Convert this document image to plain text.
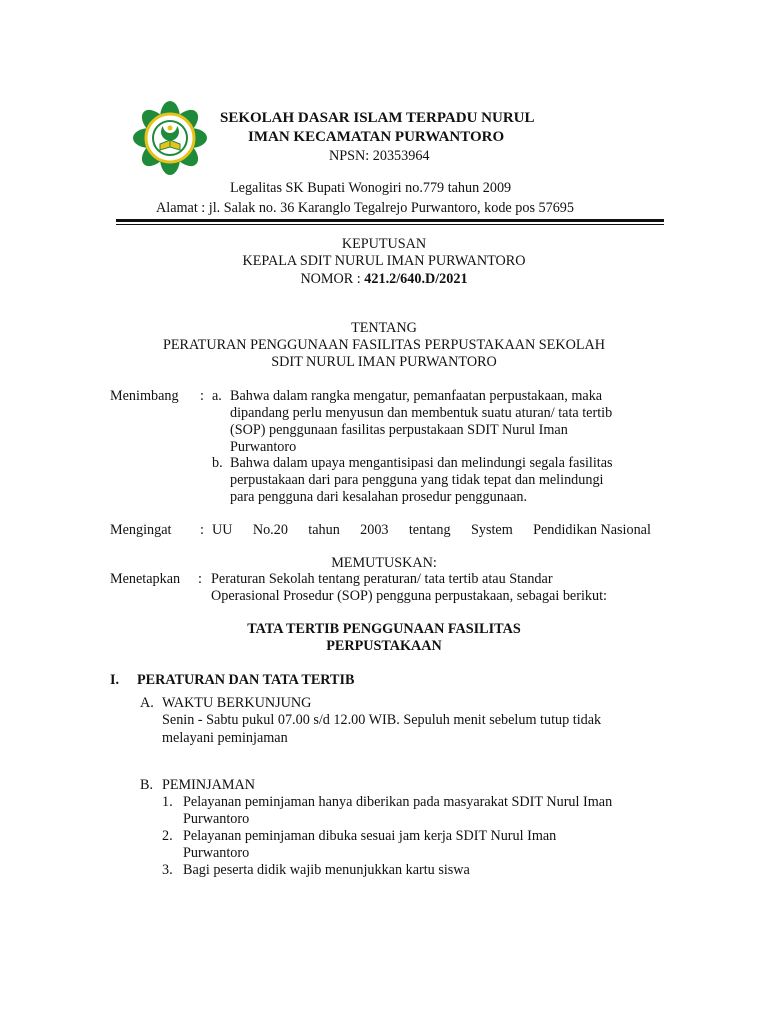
SEKOLAH DASAR ISLAM TERPADU NURUL
IMAN KECAMATAN PURWANTORO
NPSN: 20353964
Legalitas SK Bupati Wonogiri no.779 tahun 2009
Alamat : jl. Salak no. 36 Karanglo Tegalrejo Purwantoro, kode pos 57695
KEPUTUSAN
KEPALA SDIT NURUL IMAN PURWANTORO
NOMOR : 421.2/640.D/2021
TENTANG
PERATURAN PENGGUNAAN FASILITAS PERPUSTAKAAN SEKOLAH
SDIT NURUL IMAN PURWANTORO
Menimbang : a. Bahwa dalam rangka mengatur, pemanfaatan perpustakaan, maka
dipandang perlu menyusun dan membentuk suatu aturan/ tata tertib
(SOP) penggunaan fasilitas perpustakaan SDIT Nurul Iman
Purwantoro
b. Bahwa dalam upaya mengantisipasi dan melindungi segala fasilitas
perpustakaan dari para pengguna yang tidak tepat dan melindungi
para pengguna dari kesalahan prosedur penggunaan.
Mengingat : UU No.20 tahun 2003 tentang System Pendidikan Nasional
MEMUTUSKAN:
Menetapkan : Peraturan Sekolah tentang peraturan/ tata tertib atau Standar
Operasional Prosedur (SOP) pengguna perpustakaan, sebagai berikut:
TATA TERTIB PENGGUNAAN FASILITAS
PERPUSTAKAAN
I. PERATURAN DAN TATA TERTIB
A. WAKTU BERKUNJUNG
Senin - Sabtu pukul 07.00 s/d 12.00 WIB. Sepuluh menit sebelum tutup tidak
melayani peminjaman
B. PEMINJAMAN
1. Pelayanan peminjaman hanya diberikan pada masyarakat SDIT Nurul Iman
Purwantoro
2. Pelayanan peminjaman dibuka sesuai jam kerja SDIT Nurul Iman
Purwantoro
3. Bagi peserta didik wajib menunjukkan kartu siswa
